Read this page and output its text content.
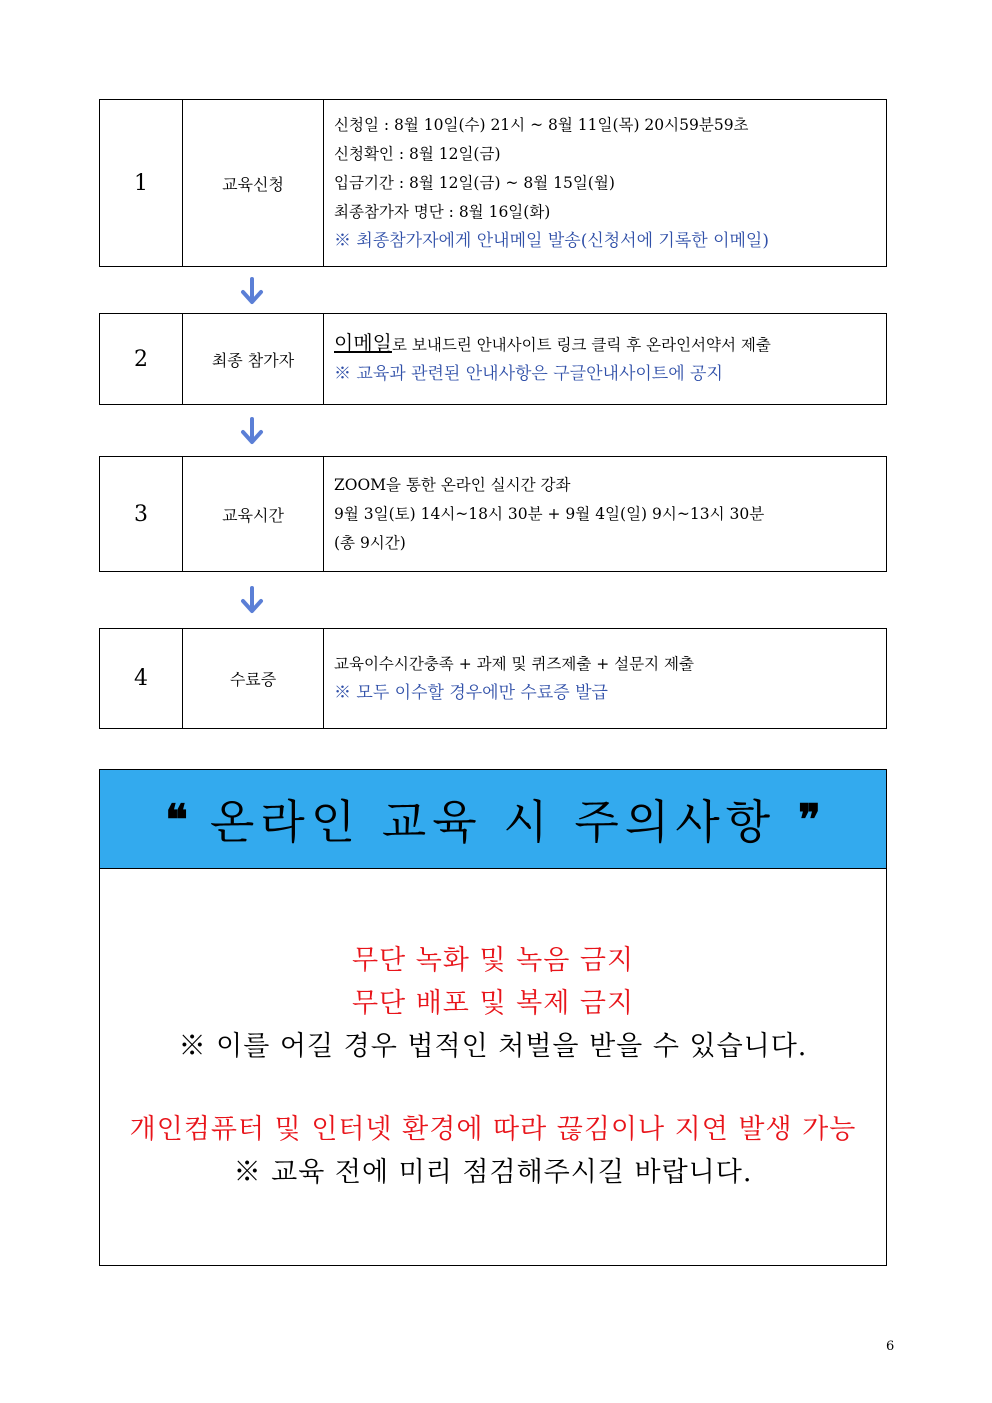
1	교육신청
신청일 : 8월 10일(수) 21시 ~ 8월 11일(목) 20시59분59초
신청확인 : 8월 12일(금)
입금기간 : 8월 12일(금) ~ 8월 15일(월)
최종참가자 명단 : 8월 16일(화)
※ 최종참가자에게 안내메일 발송(신청서에 기록한 이메일)
2	최종 참가자
이메일로 보내드린 안내사이트 링크 클릭 후 온라인서약서 제출
※ 교육과 관련된 안내사항은 구글안내사이트에 공지
3	교육시간
ZOOM을 통한 온라인 실시간 강좌
9월 3일(토) 14시~18시 30분 + 9월 4일(일) 9시~13시 30분
(총 9시간)
4	수료증
교육이수시간충족 + 과제 및 퀴즈제출 + 설문지 제출
※ 모두 이수할 경우에만 수료증 발급
❝ 온라인 교육 시 주의사항 ❞
무단 녹화 및 녹음 금지
무단 배포 및 복제 금지
※ 이를 어길 경우 법적인 처벌을 받을 수 있습니다.
개인컴퓨터 및 인터넷 환경에 따라 끊김이나 지연 발생 가능
※ 교육 전에 미리 점검해주시길 바랍니다.
6
